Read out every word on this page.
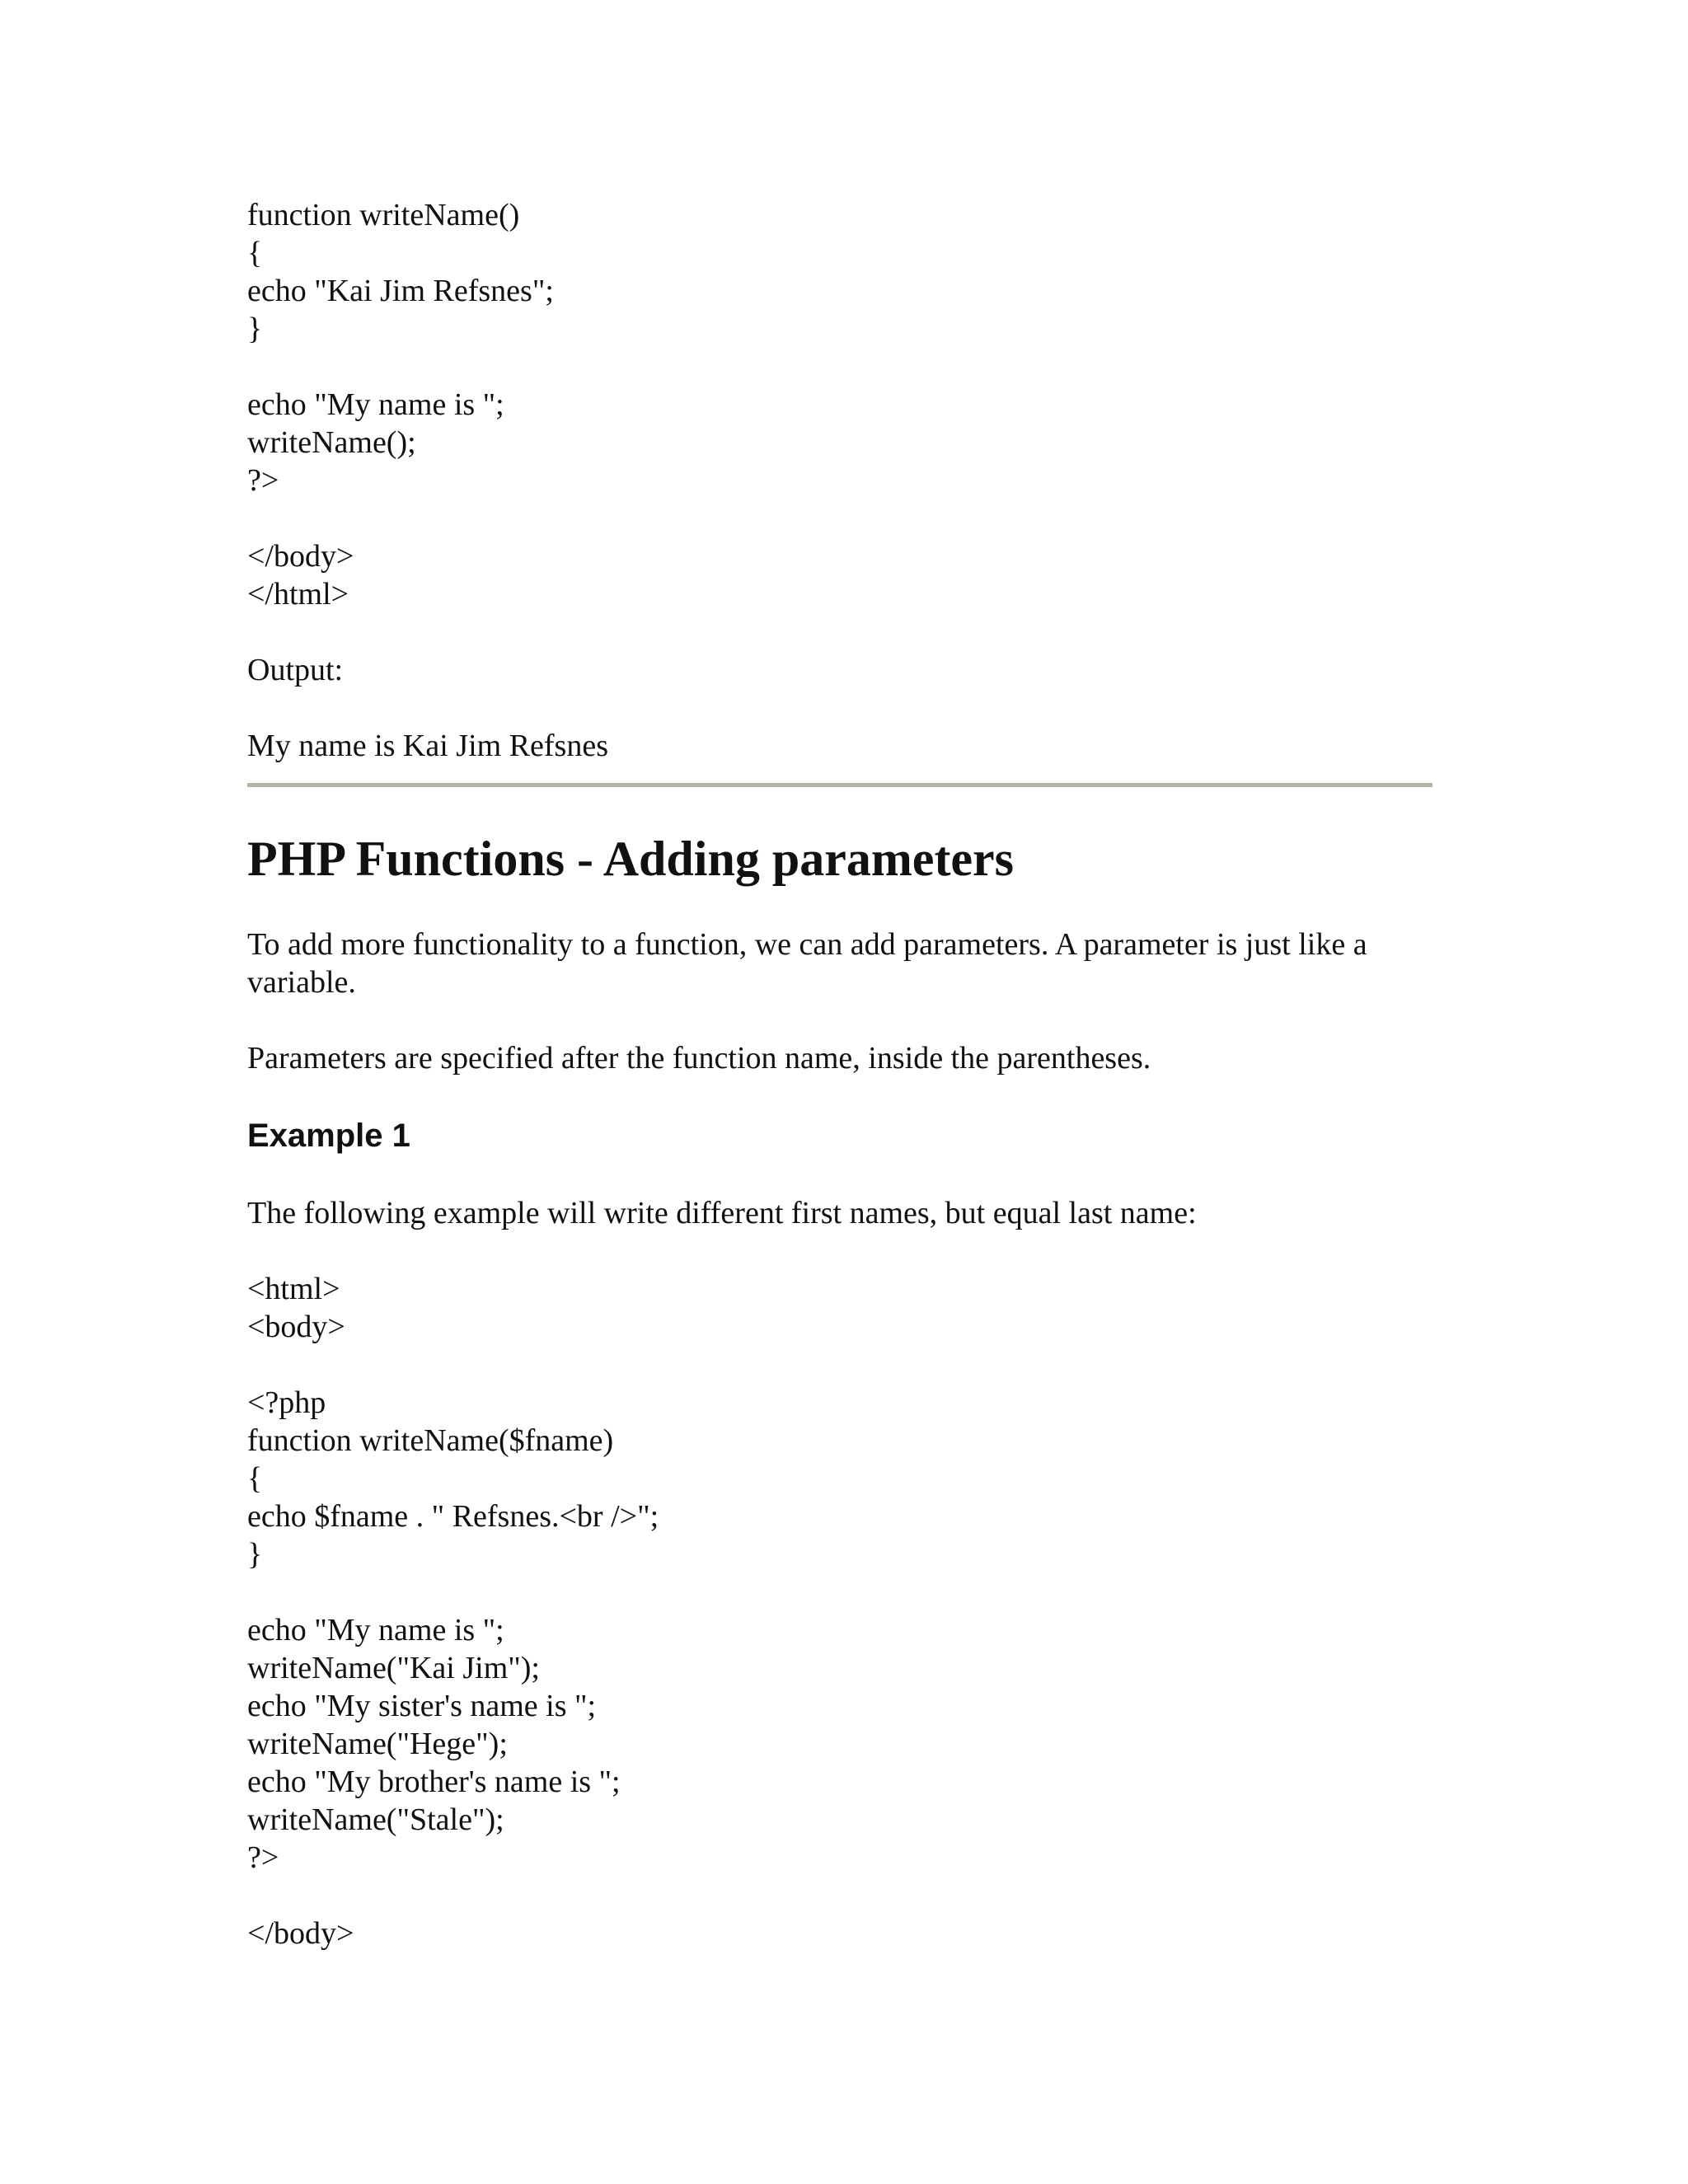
function writeName()
{
echo "Kai Jim Refsnes";
}
echo "My name is ";
writeName();
?>
</body>
</html>

Output:

My name is Kai Jim Refsnes

PHP Functions - Adding parameters

To add more functionality to a function, we can add parameters. A parameter is just like a variable.

Parameters are specified after the function name, inside the parentheses.

Example 1

The following example will write different first names, but equal last name:

<html>
<body>
<?php
function writeName($fname)
{
echo $fname . " Refsnes.<br />";
}
echo "My name is ";
writeName("Kai Jim");
echo "My sister's name is ";
writeName("Hege");
echo "My brother's name is ";
writeName("Stale");
?>
</body>
